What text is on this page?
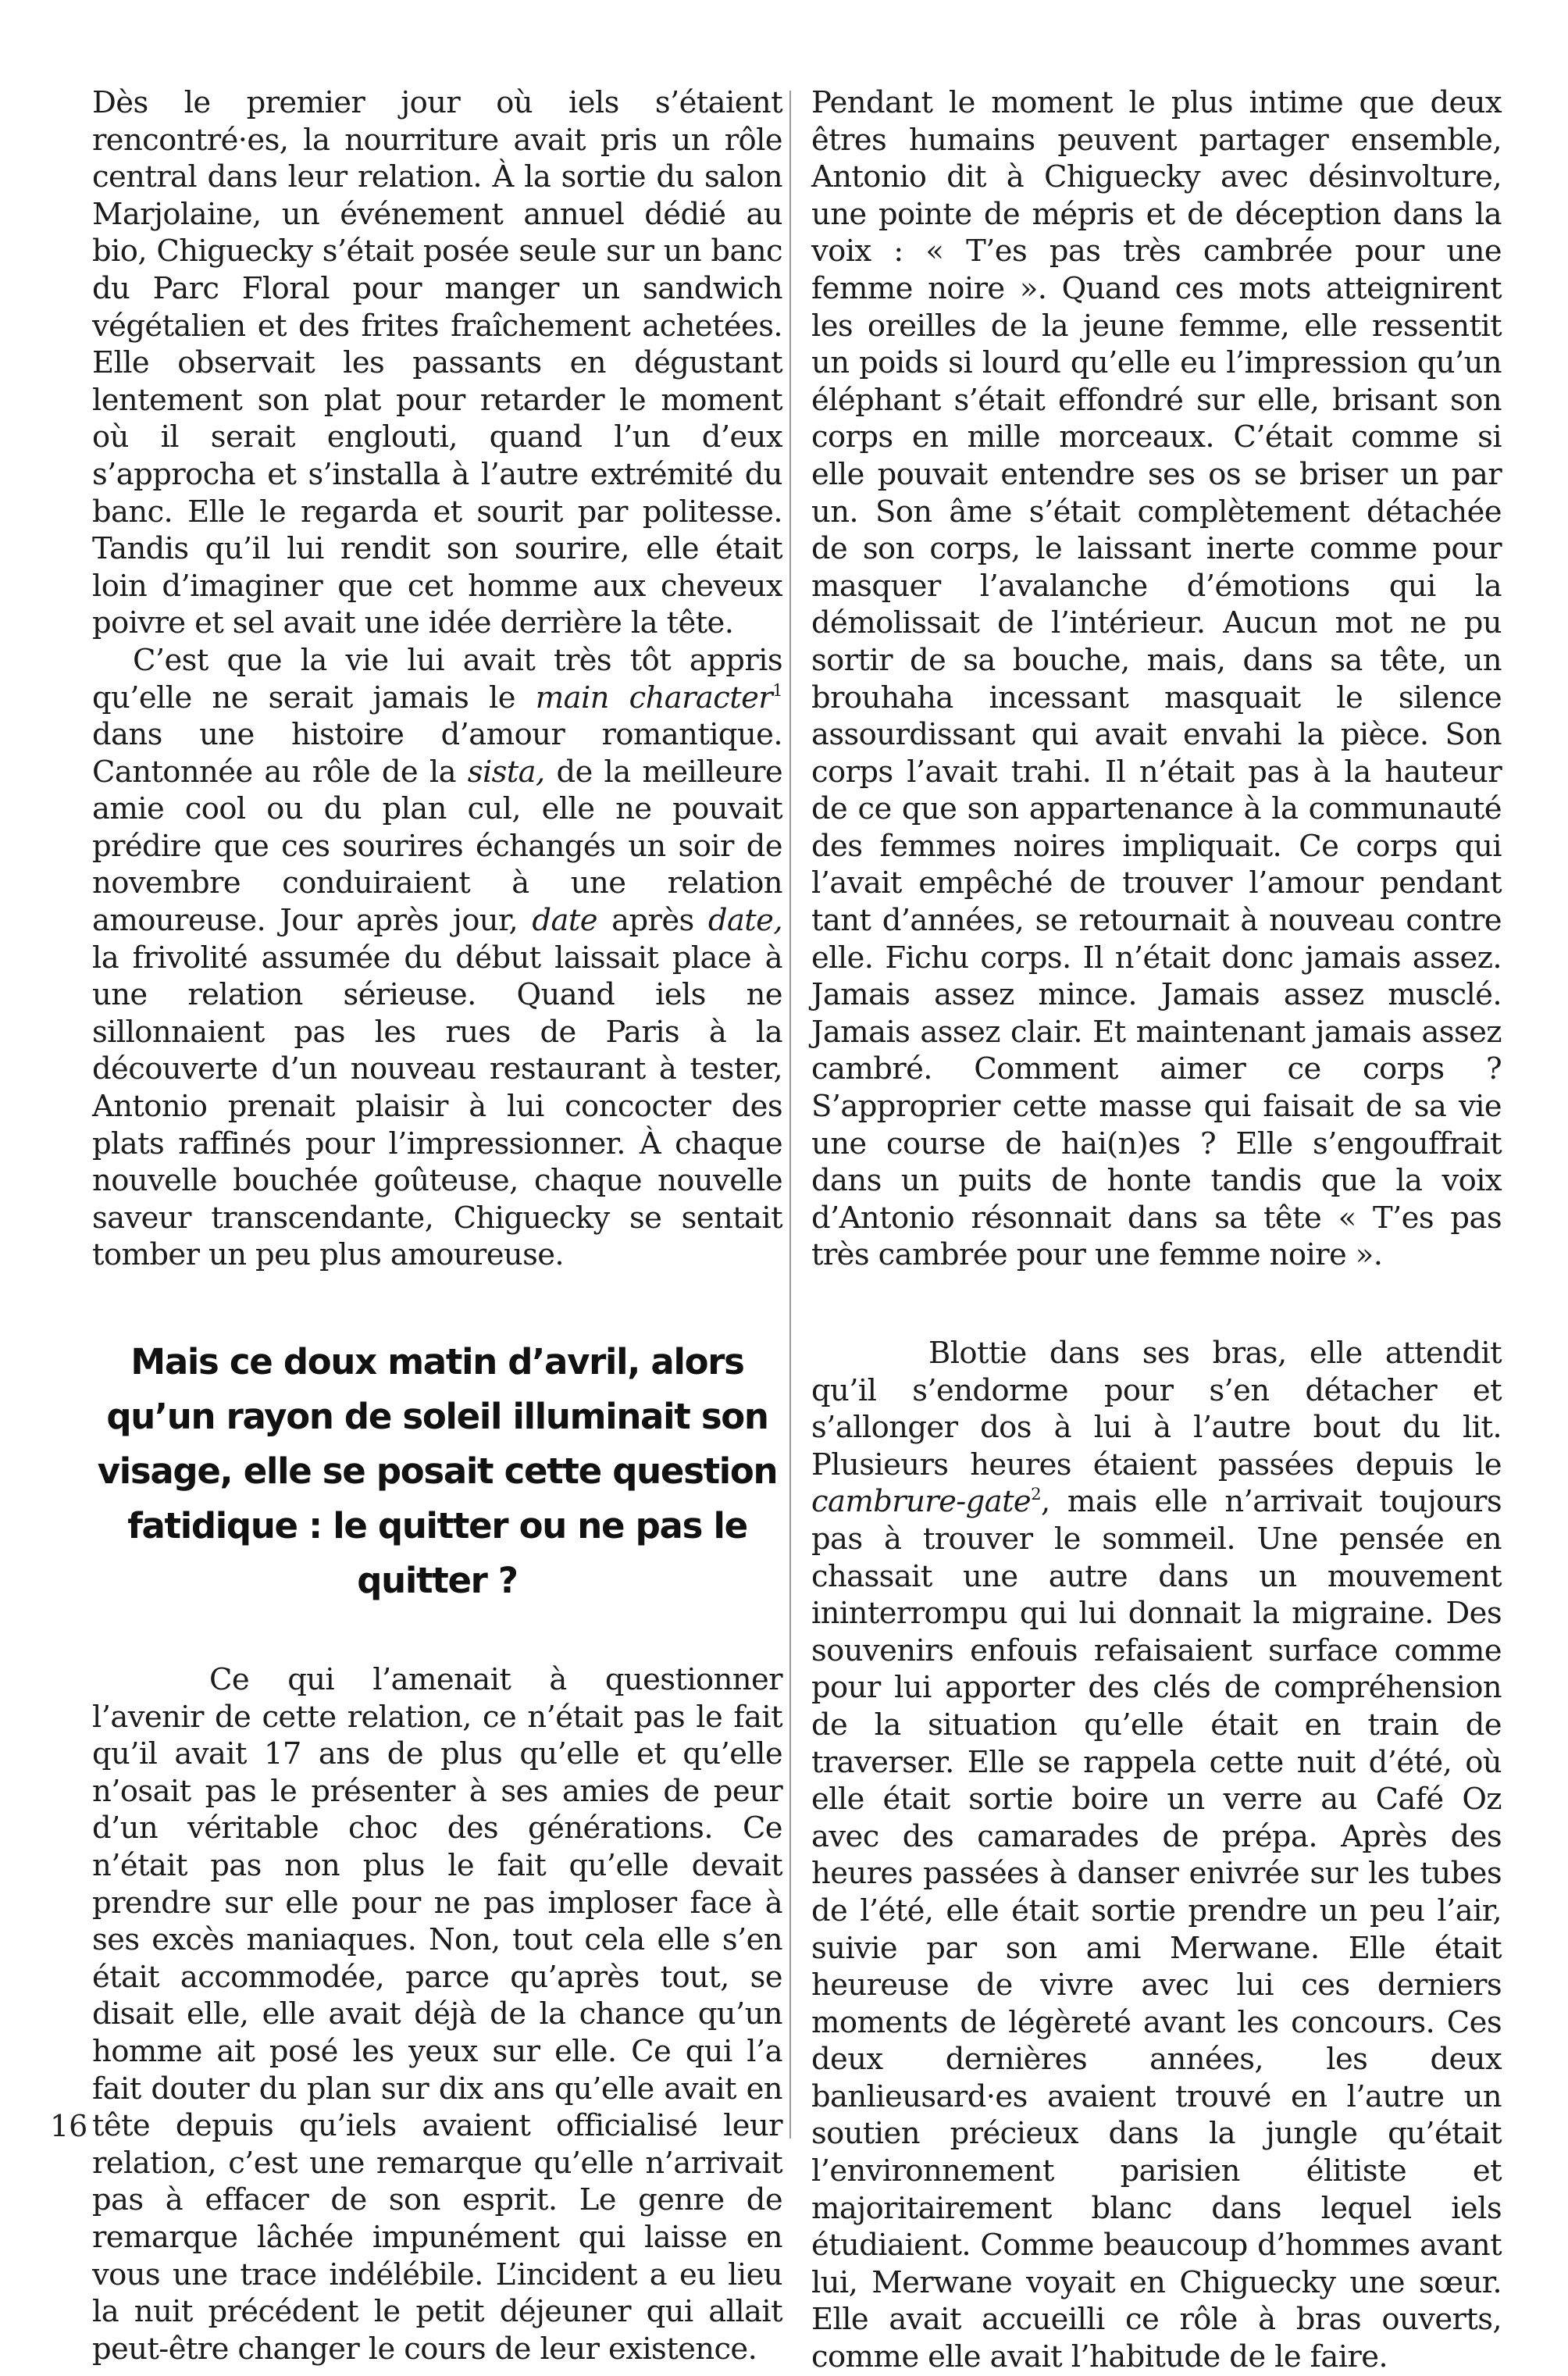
Dès le premier jour où iels s’étaient rencontré·es, la nourriture avait pris un rôle central dans leur relation. À la sortie du salon Marjolaine, un événement annuel dédié au bio, Chiguecky s’était posée seule sur un banc du Parc Floral pour manger un sandwich végétalien et des frites fraîchement achetées. Elle observait les passants en dégustant lentement son plat pour retarder le moment où il serait englouti, quand l’un d’eux s’approcha et s’installa à l’autre extrémité du banc. Elle le regarda et sourit par politesse. Tandis qu’il lui rendit son sourire, elle était loin d’imaginer que cet homme aux cheveux poivre et sel avait une idée derrière la tête.

C’est que la vie lui avait très tôt appris qu’elle ne serait jamais le main character$^1$ dans une histoire d’amour romantique. Cantonnée au rôle de la sista, de la meilleure amie cool ou du plan cul, elle ne pouvait prédire que ces sourires échangés un soir de novembre conduiraient à une relation amoureuse. Jour après jour, date après date, la frivolité assumée du début laissait place à une relation sérieuse. Quand iels ne sillonnaient pas les rues de Paris à la découverte d’un nouveau restaurant à tester, Antonio prenait plaisir à lui concocter des plats raffinés pour l’impressionner. À chaque nouvelle bouchée goûteuse, chaque nouvelle saveur transcendante, Chiguecky se sentait tomber un peu plus amoureuse.

Mais ce doux matin d’avril, alors qu’un rayon de soleil illuminait son visage, elle se posait cette question fatidique : le quitter ou ne pas le quitter ?

Ce qui l’amenait à questionner l’avenir de cette relation, ce n’était pas le fait qu’il avait 17 ans de plus qu’elle et qu’elle n’osait pas le présenter à ses amies de peur d’un véritable choc des générations. Ce n’était pas non plus le fait qu’elle devait prendre sur elle pour ne pas imploser face à ses excès maniaques. Non, tout cela elle s’en était accommodée, parce qu’après tout, se disait elle, elle avait déjà de la chance qu’un homme ait posé les yeux sur elle. Ce qui l’a fait douter du plan sur dix ans qu’elle avait en tête depuis qu’iels avaient officialisé leur relation, c’est une remarque qu’elle n’arrivait pas à effacer de son esprit. Le genre de remarque lâchée impunément qui laisse en vous une trace indélébile. L’incident a eu lieu la nuit précédent le petit déjeuner qui allait peut-être changer le cours de leur existence.

Pendant le moment le plus intime que deux êtres humains peuvent partager ensemble, Antonio dit à Chiguecky avec désinvolture, une pointe de mépris et de déception dans la voix : « T’es pas très cambrée pour une femme noire ». Quand ces mots atteignirent les oreilles de la jeune femme, elle ressentit un poids si lourd qu’elle eu l’impression qu’un éléphant s’était effondré sur elle, brisant son corps en mille morceaux. C’était comme si elle pouvait entendre ses os se briser un par un. Son âme s’était complètement détachée de son corps, le laissant inerte comme pour masquer l’avalanche d’émotions qui la démolissait de l’intérieur. Aucun mot ne pu sortir de sa bouche, mais, dans sa tête, un brouhaha incessant masquait le silence assourdissant qui avait envahi la pièce. Son corps l’avait trahi. Il n’était pas à la hauteur de ce que son appartenance à la communauté des femmes noires impliquait. Ce corps qui l’avait empêché de trouver l’amour pendant tant d’années, se retournait à nouveau contre elle. Fichu corps. Il n’était donc jamais assez. Jamais assez mince. Jamais assez musclé. Jamais assez clair. Et maintenant jamais assez cambré. Comment aimer ce corps ? S’approprier cette masse qui faisait de sa vie une course de hai(n)es ? Elle s’engouffrait dans un puits de honte tandis que la voix d’Antonio résonnait dans sa tête « T’es pas très cambrée pour une femme noire ».

Blottie dans ses bras, elle attendit qu’il s’endorme pour s’en détacher et s’allonger dos à lui à l’autre bout du lit. Plusieurs heures étaient passées depuis le cambrure-gate$^2$, mais elle n’arrivait toujours pas à trouver le sommeil. Une pensée en chassait une autre dans un mouvement ininterrompu qui lui donnait la migraine. Des souvenirs enfouis refaisaient surface comme pour lui apporter des clés de compréhension de la situation qu’elle était en train de traverser. Elle se rappela cette nuit d’été, où elle était sortie boire un verre au Café Oz avec des camarades de prépa. Après des heures passées à danser enivrée sur les tubes de l’été, elle était sortie prendre un peu l’air, suivie par son ami Merwane. Elle était heureuse de vivre avec lui ces derniers moments de légèreté avant les concours. Ces deux dernières années, les deux banlieusard·es avaient trouvé en l’autre un soutien précieux dans la jungle qu’était l’environnement parisien élitiste et majoritairement blanc dans lequel iels étudiaient. Comme beaucoup d’hommes avant lui, Merwane voyait en Chiguecky une sœur. Elle avait accueilli ce rôle à bras ouverts, comme elle avait l’habitude de le faire.

16
